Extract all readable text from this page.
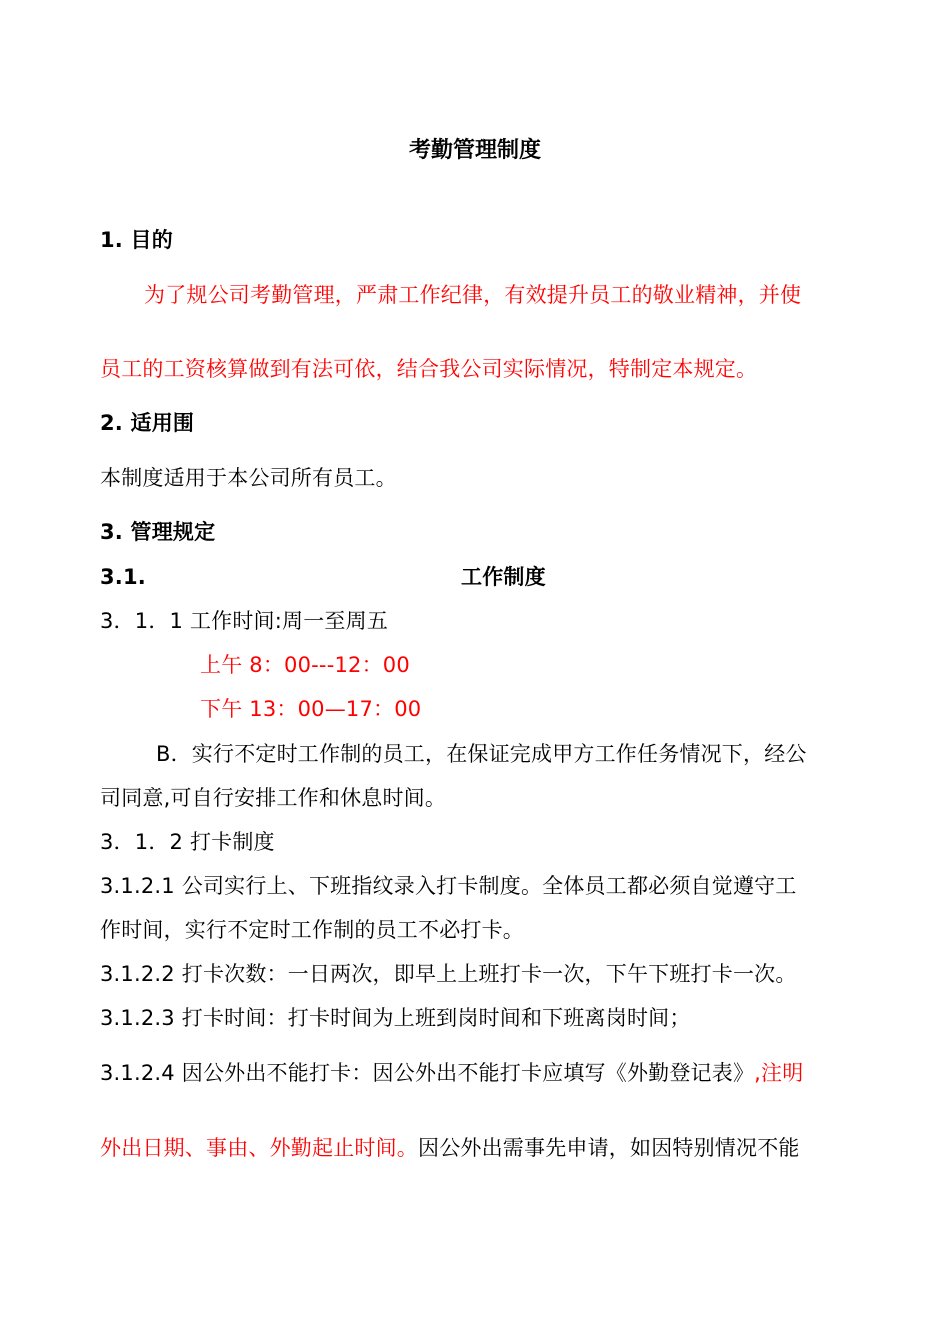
考勤管理制度
1. 目的
为了规公司考勤管理，严肃工作纪律，有效提升员工的敬业精神，并使
员工的工资核算做到有法可依，结合我公司实际情况，特制定本规定。
2. 适用围
本制度适用于本公司所有员工。
3. 管理规定
3.1.	工作制度
3．1．1 工作时间:周一至周五
上午 8：00---12：00
下午 13：00—17：00
B．实行不定时工作制的员工，在保证完成甲方工作任务情况下，经公
司同意,可自行安排工作和休息时间。
3．1．2 打卡制度
3.1.2.1 公司实行上、下班指纹录入打卡制度。全体员工都必须自觉遵守工
作时间，实行不定时工作制的员工不必打卡。
3.1.2.2 打卡次数：一日两次，即早上上班打卡一次，下午下班打卡一次。
3.1.2.3 打卡时间：打卡时间为上班到岗时间和下班离岗时间；
3.1.2.4 因公外出不能打卡：因公外出不能打卡应填写《外勤登记表》,注明
外出日期、事由、外勤起止时间。因公外出需事先申请，如因特别情况不能
